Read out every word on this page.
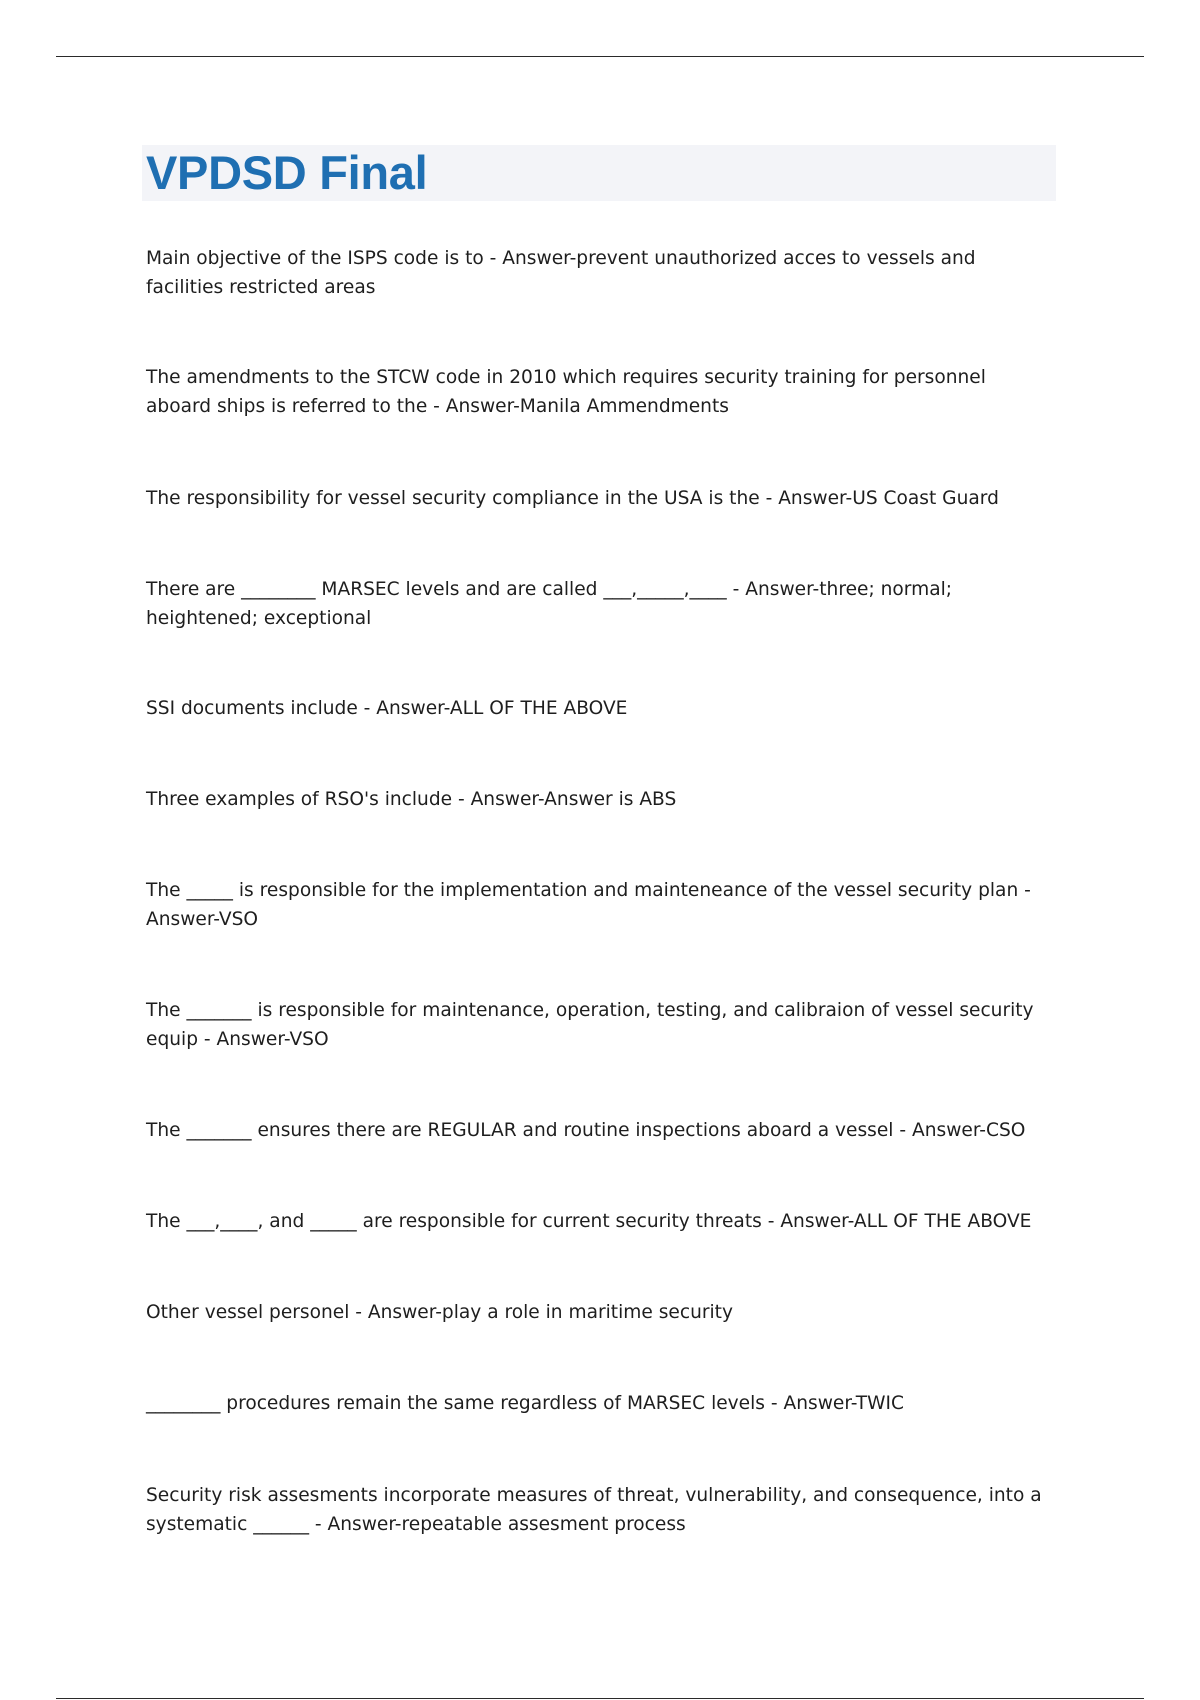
VPDSD Final

Main objective of the ISPS code is to - Answer-prevent unauthorized acces to vessels and facilities restricted areas

The amendments to the STCW code in 2010 which requires security training for personnel aboard ships is referred to the - Answer-Manila Ammendments

The responsibility for vessel security compliance in the USA is the - Answer-US Coast Guard

There are ________ MARSEC levels and are called ___,_____,____ - Answer-three; normal; heightened; exceptional

SSI documents include - Answer-ALL OF THE ABOVE

Three examples of RSO's include - Answer-Answer is ABS

The _____ is responsible for the implementation and mainteneance of the vessel security plan - Answer-VSO

The _______ is responsible for maintenance, operation, testing, and calibraion of vessel security equip - Answer-VSO

The _______ ensures there are REGULAR and routine inspections aboard a vessel - Answer-CSO

The ___,____, and _____ are responsible for current security threats - Answer-ALL OF THE ABOVE

Other vessel personel - Answer-play a role in maritime security

________ procedures remain the same regardless of MARSEC levels - Answer-TWIC

Security risk assesments incorporate measures of threat, vulnerability, and consequence, into a systematic ______ - Answer-repeatable assesment process
